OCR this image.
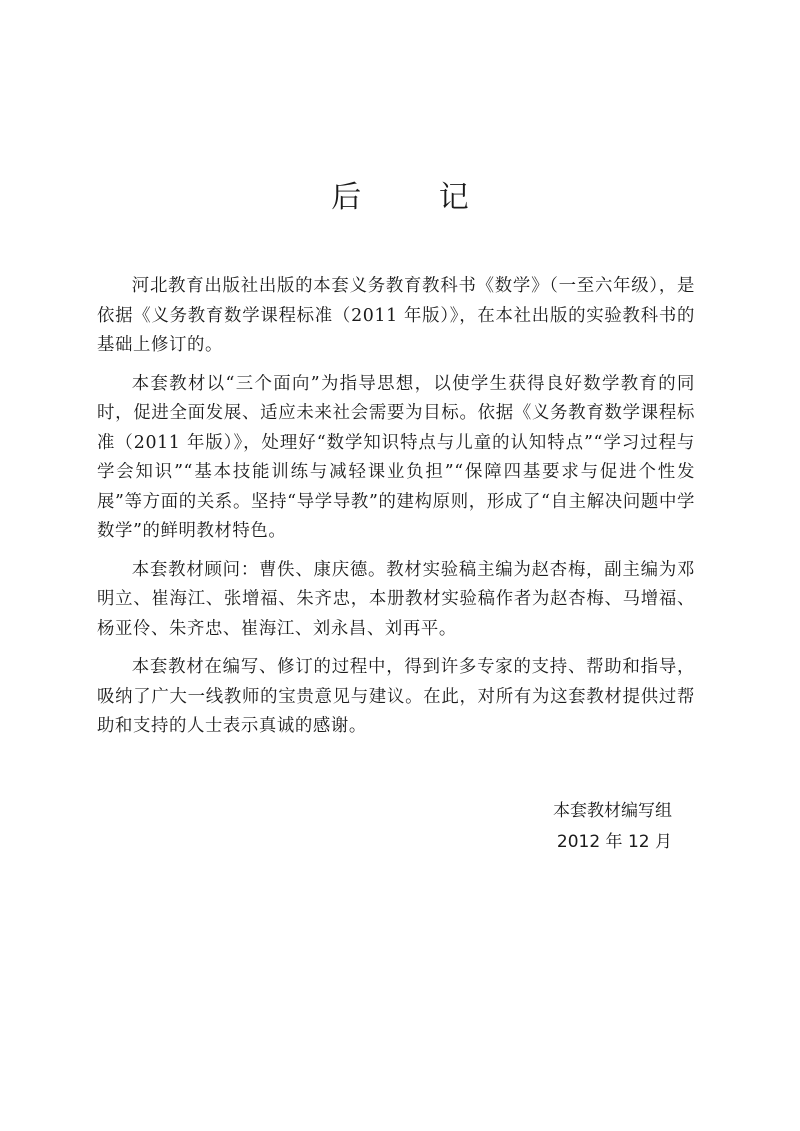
后 记

河北教育出版社出版的本套义务教育教科书《数学》（一至六年级），是依据《义务教育数学课程标准（2011 年版）》，在本社出版的实验教科书的基础上修订的。

本套教材以“三个面向”为指导思想，以使学生获得良好数学教育的同时，促进全面发展、适应未来社会需要为目标。依据《义务教育数学课程标准（2011 年版）》，处理好“数学知识特点与儿童的认知特点”“学习过程与学会知识”“基本技能训练与减轻课业负担”“保障四基要求与促进个性发展”等方面的关系。坚持“导学导教”的建构原则，形成了“自主解决问题中学数学”的鲜明教材特色。

本套教材顾问：曹佚、康庆德。教材实验稿主编为赵杏梅，副主编为邓明立、崔海江、张增福、朱齐忠，本册教材实验稿作者为赵杏梅、马增福、杨亚伶、朱齐忠、崔海江、刘永昌、刘再平。

本套教材在编写、修订的过程中，得到许多专家的支持、帮助和指导，吸纳了广大一线教师的宝贵意见与建议。在此，对所有为这套教材提供过帮助和支持的人士表示真诚的感谢。

本套教材编写组
2012 年 12 月
